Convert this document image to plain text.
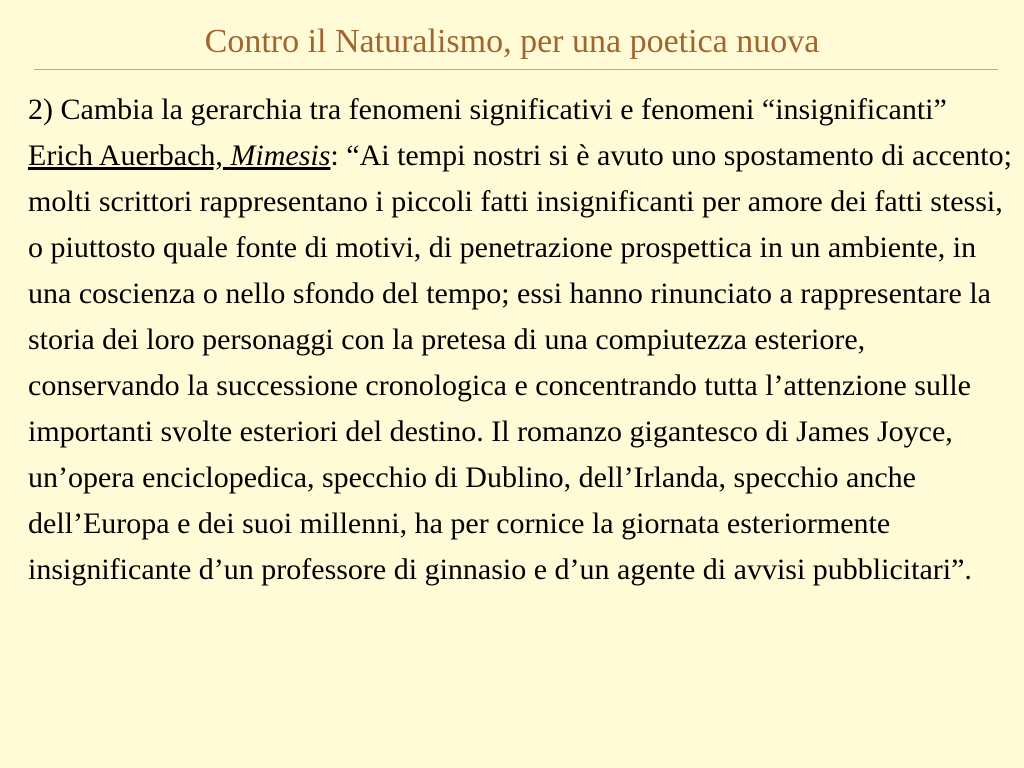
Contro il Naturalismo, per una poetica nuova

2) Cambia la gerarchia tra fenomeni significativi e fenomeni “insignificanti”

Erich Auerbach, Mimesis: “Ai tempi nostri si è avuto uno spostamento di accento; molti scrittori rappresentano i piccoli fatti insignificanti per amore dei fatti stessi, o piuttosto quale fonte di motivi, di penetrazione prospettica in un ambiente, in una coscienza o nello sfondo del tempo; essi hanno rinunciato a rappresentare la storia dei loro personaggi con la pretesa di una compiutezza esteriore, conservando la successione cronologica e concentrando tutta l’attenzione sulle importanti svolte esteriori del destino. Il romanzo gigantesco di James Joyce, un’opera enciclopedica, specchio di Dublino, dell’Irlanda, specchio anche dell’Europa e dei suoi millenni, ha per cornice la giornata esteriormente insignificante d’un professore di ginnasio e d’un agente di avvisi pubblicitari”.
